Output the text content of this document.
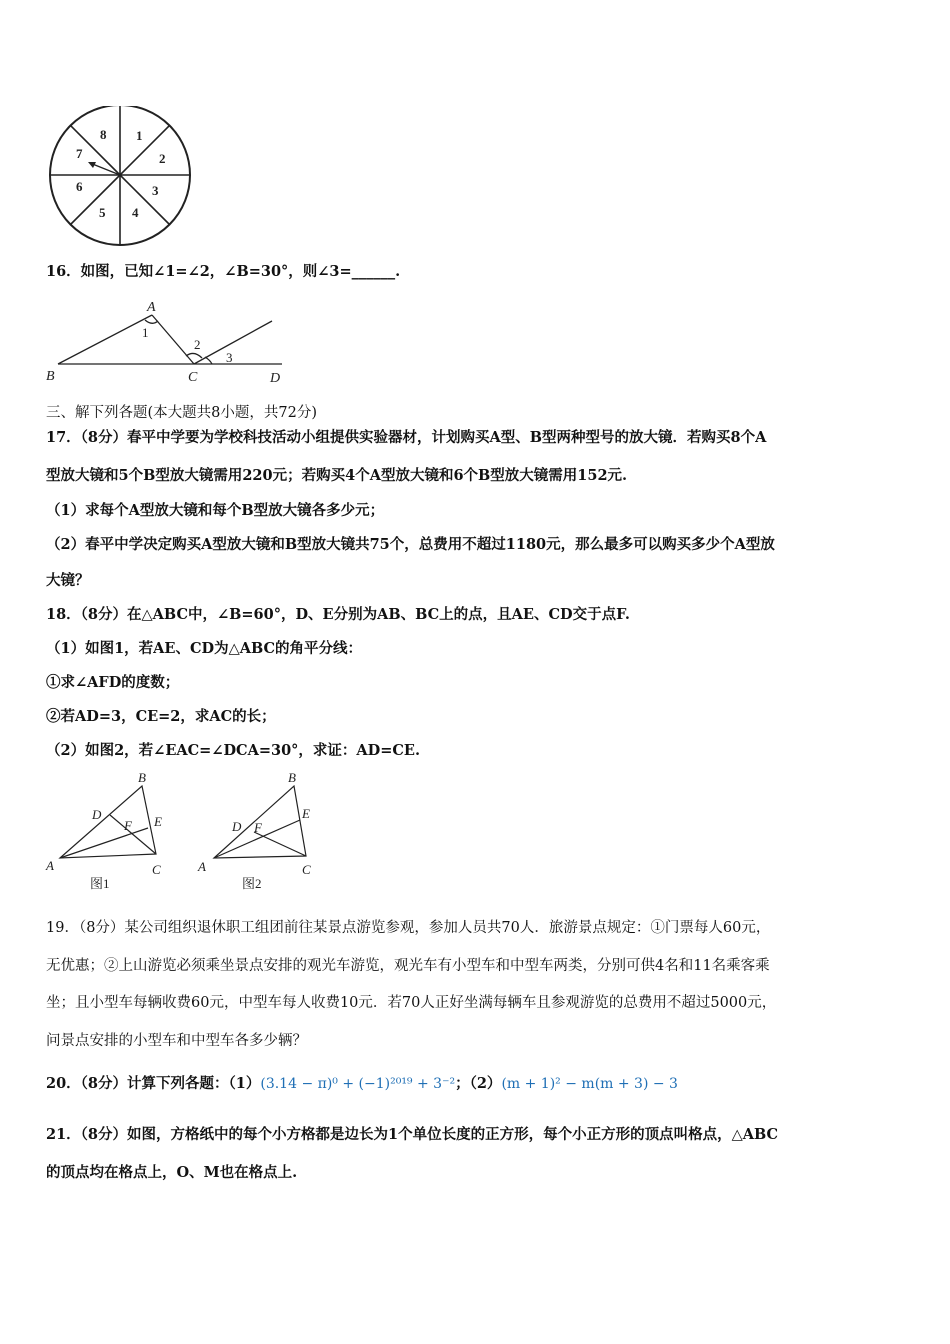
1
2
3
4
5
6
7
8
16．如图，已知∠1=∠2，∠B=30°，则∠3=______.
A
B	C	D
1
2
3
三、解下列各题(本大题共8小题，共72分)
17．（8分）春平中学要为学校科技活动小组提供实验器材，计划购买A型、B型两种型号的放大镜．若购买8个A
型放大镜和5个B型放大镜需用220元；若购买4个A型放大镜和6个B型放大镜需用152元.
（1）求每个A型放大镜和每个B型放大镜各多少元；
（2）春平中学决定购买A型放大镜和B型放大镜共75个，总费用不超过1180元，那么最多可以购买多少个A型放
大镜？
18．（8分）在△ABC中，∠B=60°，D、E分别为AB、BC上的点，且AE、CD交于点F.
（1）如图1，若AE、CD为△ABC的角平分线：
①求∠AFD的度数；
②若AD=3，CE=2，求AC的长；
（2）如图2，若∠EAC=∠DCA=30°，求证：AD=CE.
A
B
C
D	E
F
图1
A
B
C
D
E
F
图2
19．（8分）某公司组织退休职工组团前往某景点游览参观，参加人员共70人．旅游景点规定：①门票每人60元，
无优惠；②上山游览必须乘坐景点安排的观光车游览，观光车有小型车和中型车两类，分别可供4名和11名乘客乘
坐；且小型车每辆收费60元，中型车每人收费10元．若70人正好坐满每辆车且参观游览的总费用不超过5000元，
问景点安排的小型车和中型车各多少辆？
20．（8分）计算下列各题：（1）(3.14 − π)⁰ + (−1)²⁰¹⁹ + 3⁻²；（2）(m + 1)² − m(m + 3) − 3
21．（8分）如图，方格纸中的每个小方格都是边长为1个单位长度的正方形，每个小正方形的顶点叫格点，△ABC
的顶点均在格点上，O、M也在格点上.
